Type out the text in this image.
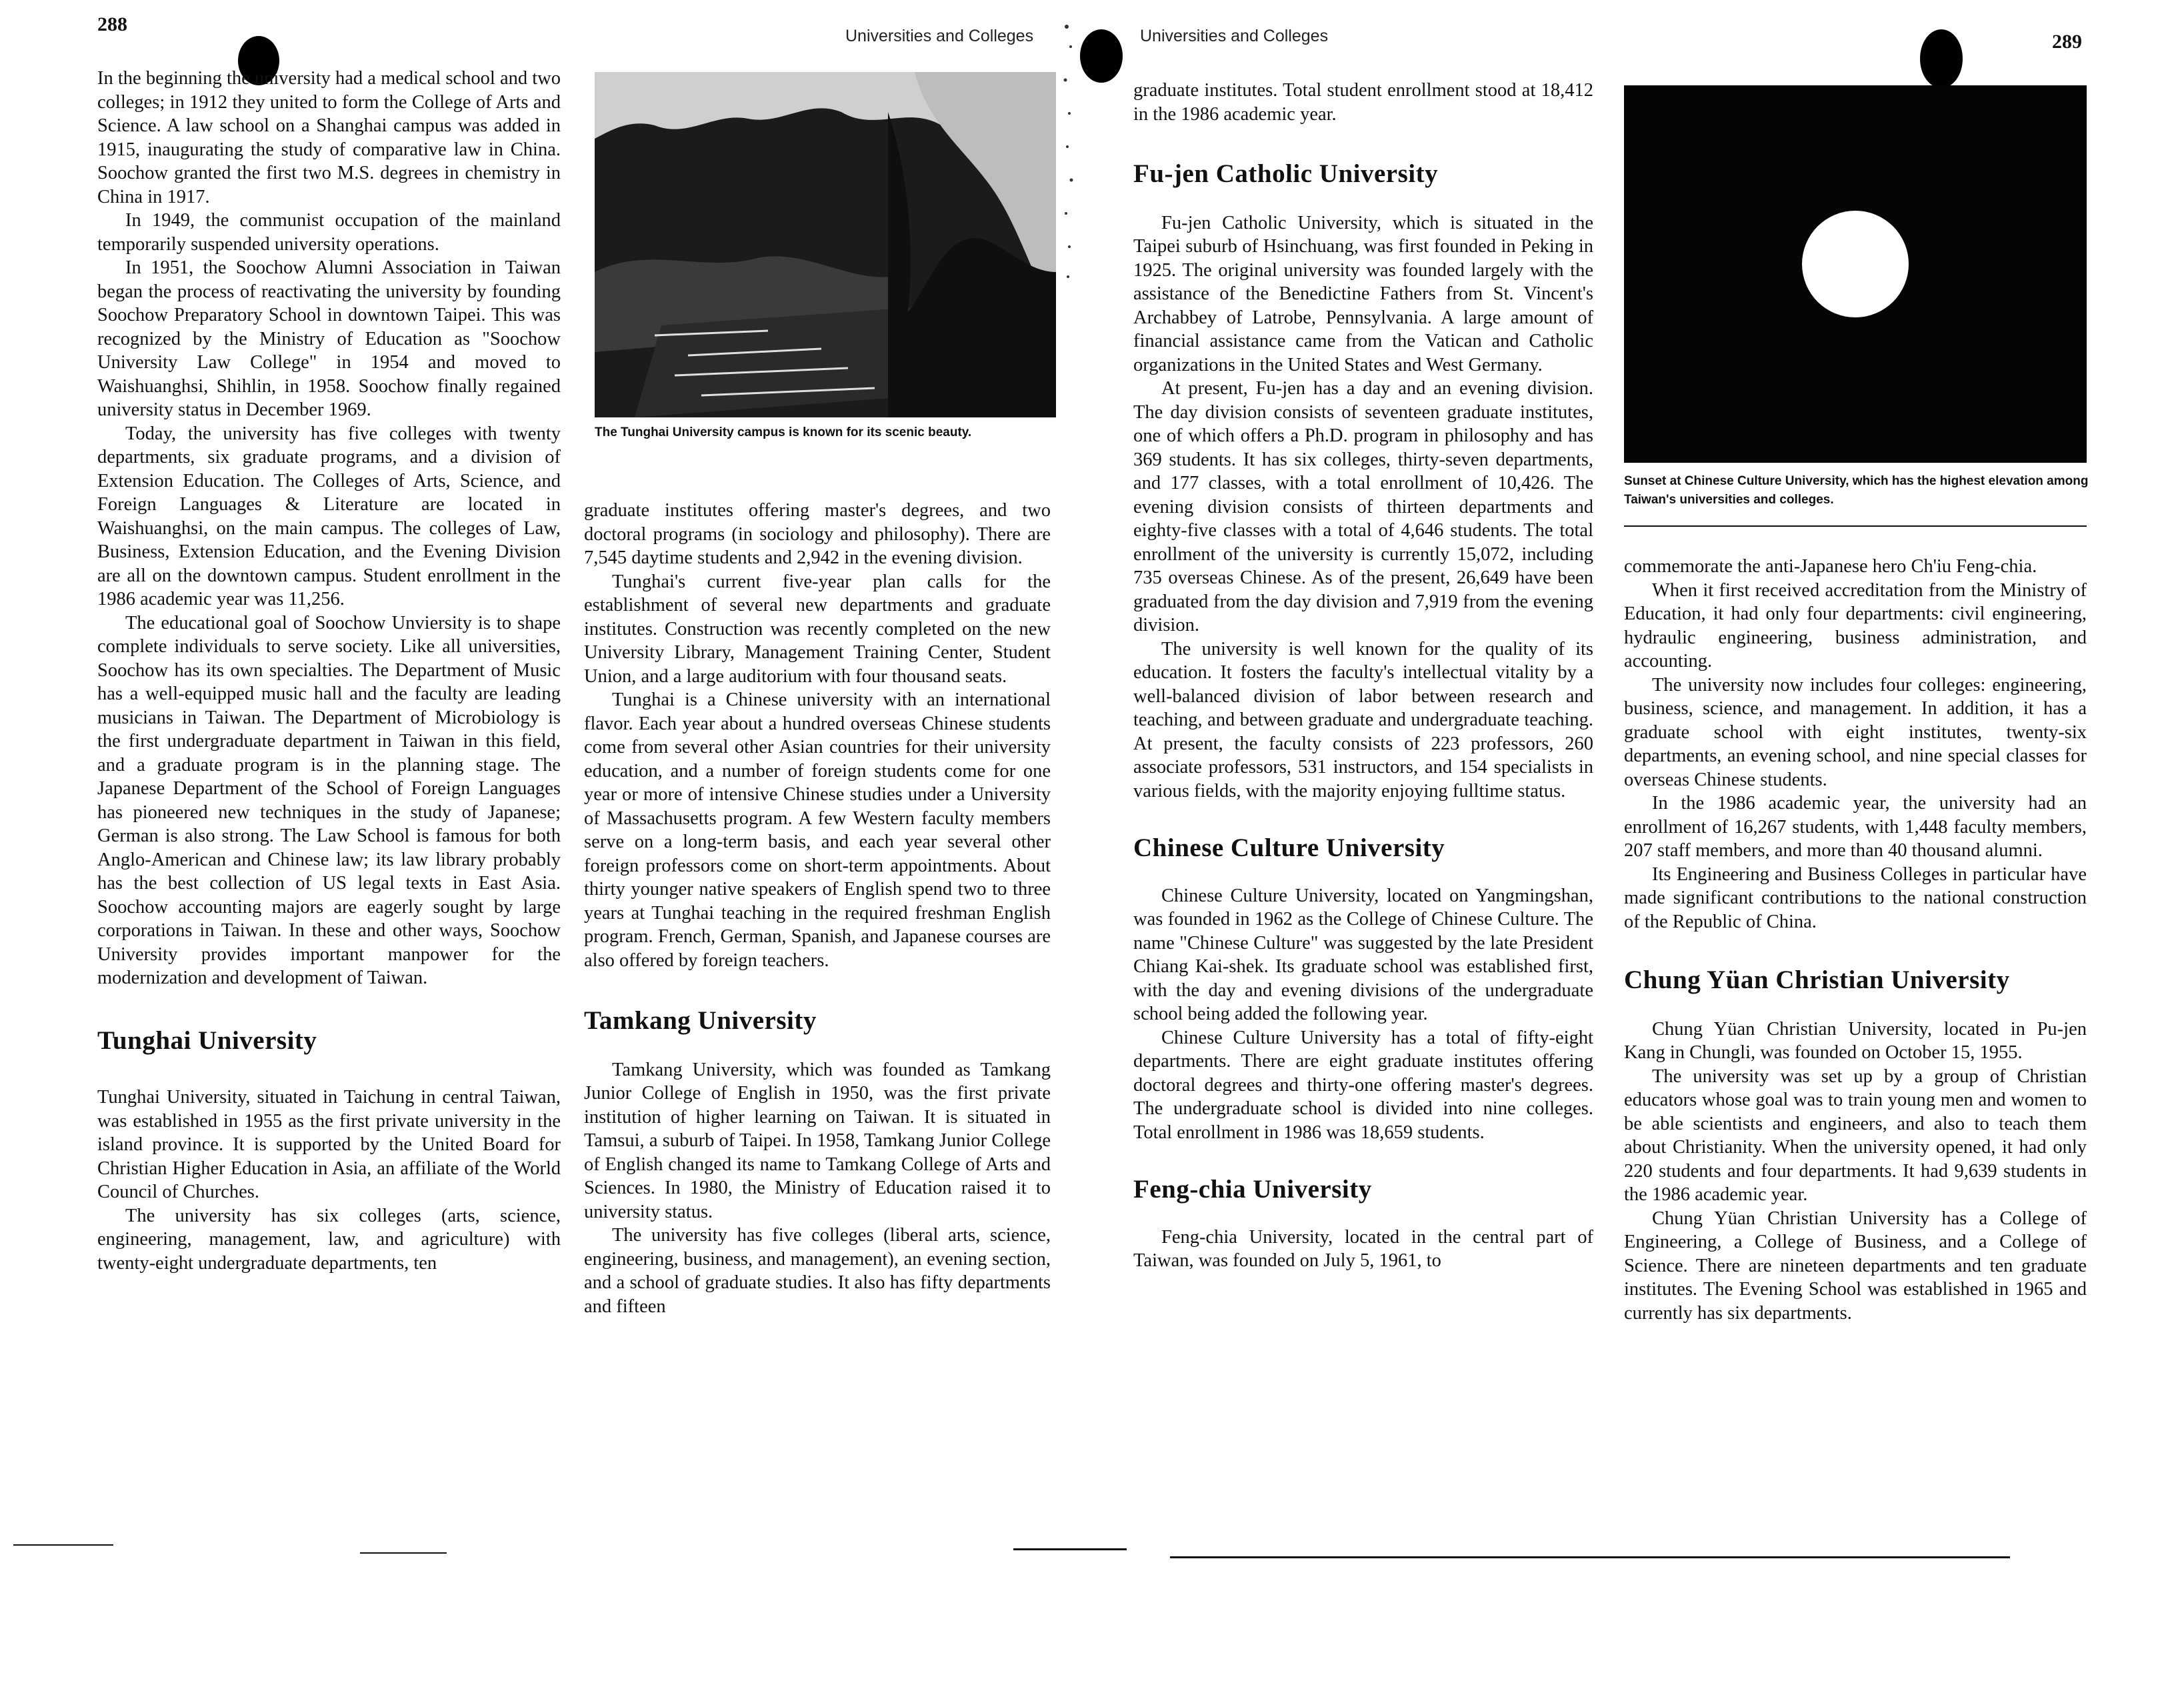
288
Universities and Colleges

In the beginning the university had a medical school and two colleges; in 1912 they united to form the College of Arts and Science. A law school on a Shanghai campus was added in 1915, inaugurating the study of comparative law in China. Soochow granted the first two M.S. degrees in chemistry in China in 1917.

In 1949, the communist occupation of the mainland temporarily suspended university operations.

In 1951, the Soochow Alumni Association in Taiwan began the process of reactivating the university by founding Soochow Preparatory School in downtown Taipei. This was recognized by the Ministry of Education as "Soochow University Law College" in 1954 and moved to Waishuanghsi, Shihlin, in 1958. Soochow finally regained university status in December 1969.

Today, the university has five colleges with twenty departments, six graduate programs, and a division of Extension Education. The Colleges of Arts, Science, and Foreign Languages & Literature are located in Waishuanghsi, on the main campus. The colleges of Law, Business, Extension Education, and the Evening Division are all on the downtown campus. Student enrollment in the 1986 academic year was 11,256.

The educational goal of Soochow Unviersity is to shape complete individuals to serve society. Like all universities, Soochow has its own specialties. The Department of Music has a well-equipped music hall and the faculty are leading musicians in Taiwan. The Department of Microbiology is the first undergraduate department in Taiwan in this field, and a graduate program is in the planning stage. The Japanese Department of the School of Foreign Languages has pioneered new techniques in the study of Japanese; German is also strong. The Law School is famous for both Anglo-American and Chinese law; its law library probably has the best collection of US legal texts in East Asia. Soochow accounting majors are eagerly sought by large corporations in Taiwan. In these and other ways, Soochow University provides important manpower for the modernization and development of Taiwan.

Tunghai University

Tunghai University, situated in Taichung in central Taiwan, was established in 1955 as the first private university in the island province. It is supported by the United Board for Christian Higher Education in Asia, an affiliate of the World Council of Churches.

The university has six colleges (arts, science, engineering, management, law, and agriculture) with twenty-eight undergraduate departments, ten

The Tunghai University campus is known for its scenic beauty.

graduate institutes offering master's degrees, and two doctoral programs (in sociology and philosophy). There are 7,545 daytime students and 2,942 in the evening division.

Tunghai's current five-year plan calls for the establishment of several new departments and graduate institutes. Construction was recently completed on the new University Library, Management Training Center, Student Union, and a large auditorium with four thousand seats.

Tunghai is a Chinese university with an international flavor. Each year about a hundred overseas Chinese students come from several other Asian countries for their university education, and a number of foreign students come for one year or more of intensive Chinese studies under a University of Massachusetts program. A few Western faculty members serve on a long-term basis, and each year several other foreign professors come on short-term appointments. About thirty younger native speakers of English spend two to three years at Tunghai teaching in the required freshman English program. French, German, Spanish, and Japanese courses are also offered by foreign teachers.

Tamkang University

Tamkang University, which was founded as Tamkang Junior College of English in 1950, was the first private institution of higher learning on Taiwan. It is situated in Tamsui, a suburb of Taipei. In 1958, Tamkang Junior College of English changed its name to Tamkang College of Arts and Sciences. In 1980, the Ministry of Education raised it to university status.

The university has five colleges (liberal arts, science, engineering, business, and management), an evening section, and a school of graduate studies. It also has fifty departments and fifteen

Universities and Colleges	289

graduate institutes. Total student enrollment stood at 18,412 in the 1986 academic year.

Fu-jen Catholic University

Fu-jen Catholic University, which is situated in the Taipei suburb of Hsinchuang, was first founded in Peking in 1925. The original university was founded largely with the assistance of the Benedictine Fathers from St. Vincent's Archabbey of Latrobe, Pennsylvania. A large amount of financial assistance came from the Vatican and Catholic organizations in the United States and West Germany.

At present, Fu-jen has a day and an evening division. The day division consists of seventeen graduate institutes, one of which offers a Ph.D. program in philosophy and has 369 students. It has six colleges, thirty-seven departments, and 177 classes, with a total enrollment of 10,426. The evening division consists of thirteen departments and eighty-five classes with a total of 4,646 students. The total enrollment of the university is currently 15,072, including 735 overseas Chinese. As of the present, 26,649 have been graduated from the day division and 7,919 from the evening division.

The university is well known for the quality of its education. It fosters the faculty's intellectual vitality by a well-balanced division of labor between research and teaching, and between graduate and undergraduate teaching. At present, the faculty consists of 223 professors, 260 associate professors, 531 instructors, and 154 specialists in various fields, with the majority enjoying fulltime status.

Chinese Culture University

Chinese Culture University, located on Yangmingshan, was founded in 1962 as the College of Chinese Culture. The name "Chinese Culture" was suggested by the late President Chiang Kai-shek. Its graduate school was established first, with the day and evening divisions of the undergraduate school being added the following year.

Chinese Culture University has a total of fifty-eight departments. There are eight graduate institutes offering doctoral degrees and thirty-one offering master's degrees. The undergraduate school is divided into nine colleges. Total enrollment in 1986 was 18,659 students.

Feng-chia University

Feng-chia University, located in the central part of Taiwan, was founded on July 5, 1961, to

Sunset at Chinese Culture University, which has the highest elevation among Taiwan's universities and colleges.

commemorate the anti-Japanese hero Ch'iu Feng-chia.

When it first received accreditation from the Ministry of Education, it had only four departments: civil engineering, hydraulic engineering, business administration, and accounting.

The university now includes four colleges: engineering, business, science, and management. In addition, it has a graduate school with eight institutes, twenty-six departments, an evening school, and nine special classes for overseas Chinese students.

In the 1986 academic year, the university had an enrollment of 16,267 students, with 1,448 faculty members, 207 staff members, and more than 40 thousand alumni.

Its Engineering and Business Colleges in particular have made significant contributions to the national construction of the Republic of China.

Chung Yüan Christian University

Chung Yüan Christian University, located in Pu-jen Kang in Chungli, was founded on October 15, 1955.

The university was set up by a group of Christian educators whose goal was to train young men and women to be able scientists and engineers, and also to teach them about Christianity. When the university opened, it had only 220 students and four departments. It had 9,639 students in the 1986 academic year.

Chung Yüan Christian University has a College of Engineering, a College of Business, and a College of Science. There are nineteen departments and ten graduate institutes. The Evening School was established in 1965 and currently has six departments.
